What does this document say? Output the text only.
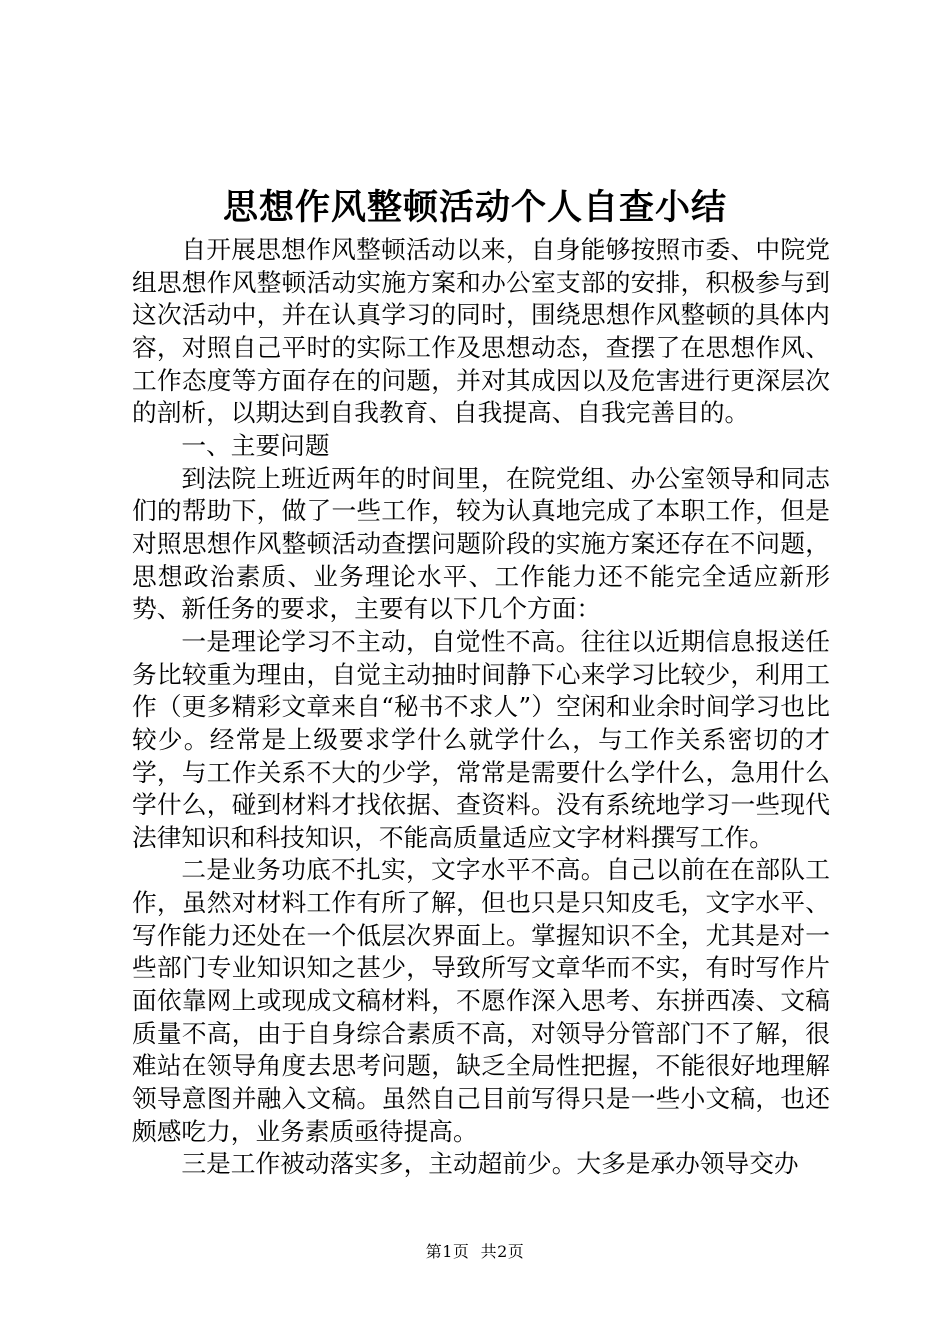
思想作风整顿活动个人自查小结

自开展思想作风整顿活动以来，自身能够按照市委、中院党组思想作风整顿活动实施方案和办公室支部的安排，积极参与到这次活动中，并在认真学习的同时，围绕思想作风整顿的具体内容，对照自己平时的实际工作及思想动态，查摆了在思想作风、工作态度等方面存在的问题，并对其成因以及危害进行更深层次的剖析，以期达到自我教育、自我提高、自我完善目的。

一、主要问题

到法院上班近两年的时间里，在院党组、办公室领导和同志们的帮助下，做了一些工作，较为认真地完成了本职工作，但是对照思想作风整顿活动查摆问题阶段的实施方案还存在不问题，思想政治素质、业务理论水平、工作能力还不能完全适应新形势、新任务的要求，主要有以下几个方面：

一是理论学习不主动，自觉性不高。往往以近期信息报送任务比较重为理由，自觉主动抽时间静下心来学习比较少，利用工作（更多精彩文章来自“秘书不求人”）空闲和业余时间学习也比较少。经常是上级要求学什么就学什么，与工作关系密切的才学，与工作关系不大的少学，常常是需要什么学什么，急用什么学什么，碰到材料才找依据、查资料。没有系统地学习一些现代法律知识和科技知识，不能高质量适应文字材料撰写工作。

二是业务功底不扎实，文字水平不高。自己以前在在部队工作，虽然对材料工作有所了解，但也只是只知皮毛，文字水平、写作能力还处在一个低层次界面上。掌握知识不全，尤其是对一些部门专业知识知之甚少，导致所写文章华而不实，有时写作片面依靠网上或现成文稿材料，不愿作深入思考、东拼西凑、文稿质量不高，由于自身综合素质不高，对领导分管部门不了解，很难站在领导角度去思考问题，缺乏全局性把握，不能很好地理解领导意图并融入文稿。虽然自己目前写得只是一些小文稿，也还颇感吃力，业务素质亟待提高。

三是工作被动落实多，主动超前少。大多是承办领导交办

第1页  共2页
